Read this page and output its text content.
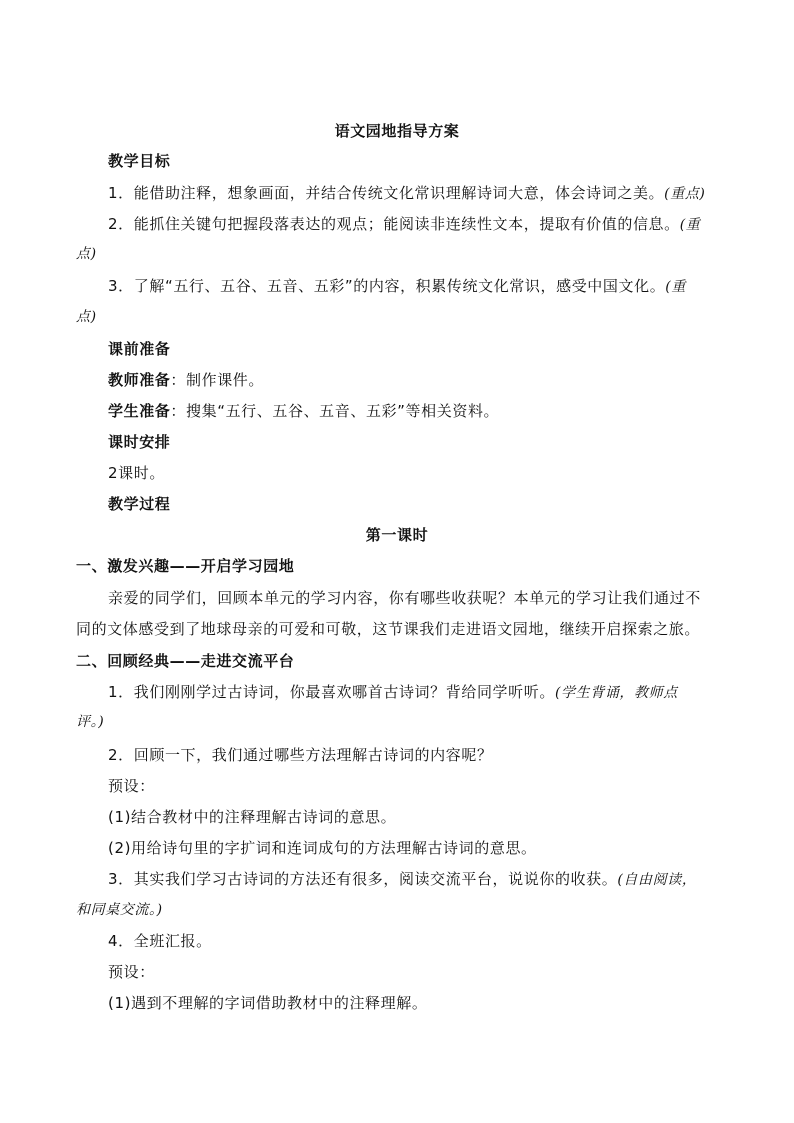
语文园地指导方案
教学目标
1．能借助注释，想象画面，并结合传统文化常识理解诗词大意，体会诗词之美。(重点)
2．能抓住关键句把握段落表达的观点；能阅读非连续性文本，提取有价值的信息。(重
点)
3．了解“五行、五谷、五音、五彩”的内容，积累传统文化常识，感受中国文化。(重
点)
课前准备
教师准备：制作课件。
学生准备：搜集“五行、五谷、五音、五彩”等相关资料。
课时安排
2课时。
教学过程
第一课时
一、激发兴趣——开启学习园地
亲爱的同学们，回顾本单元的学习内容，你有哪些收获呢？本单元的学习让我们通过不
同的文体感受到了地球母亲的可爱和可敬，这节课我们走进语文园地，继续开启探索之旅。
二、回顾经典——走进交流平台
1．我们刚刚学过古诗词，你最喜欢哪首古诗词？背给同学听听。(学生背诵，教师点
评。)
2．回顾一下，我们通过哪些方法理解古诗词的内容呢？
预设：
(1)结合教材中的注释理解古诗词的意思。
(2)用给诗句里的字扩词和连词成句的方法理解古诗词的意思。
3．其实我们学习古诗词的方法还有很多，阅读交流平台，说说你的收获。(自由阅读，
和同桌交流。)
4．全班汇报。
预设：
(1)遇到不理解的字词借助教材中的注释理解。
